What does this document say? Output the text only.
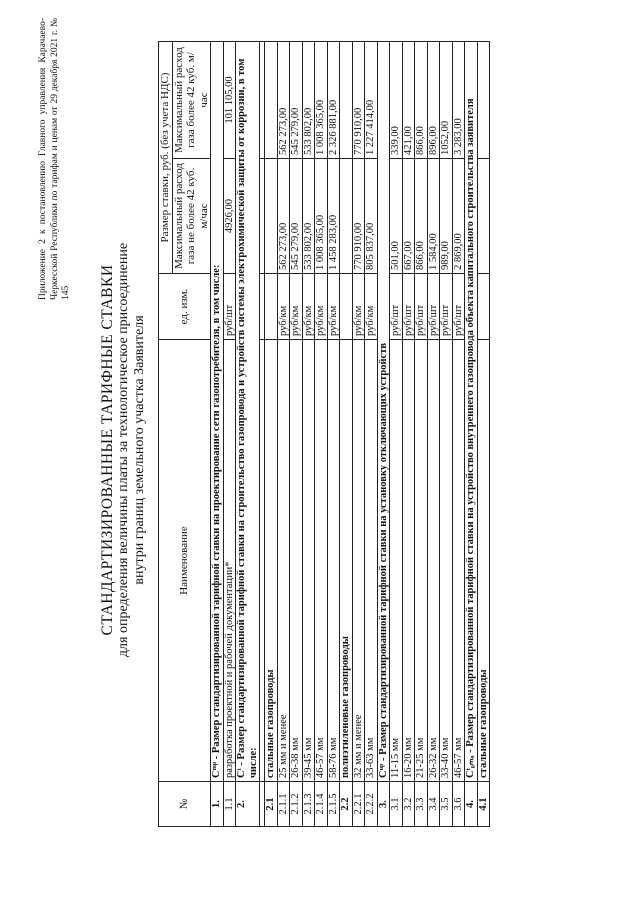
Приложение 2 к постановлению Главного управления Карачаево-Черкесской Республики по тарифам и ценам от 29 декабря 2021 г. № 145 СТАНДАРТИЗИРОВАННЫЕ ТАРИФНЫЕ СТАВКИ для определения величины платы за технологическое присоединение внутри границ земельного участка Заявителя
№	Наименование	ед. изм.	Размер ставки, руб. (без учета НДС)	
			Максимальный расход газа не более 42 куб. м/час	Максимальный расход газа более 42 куб. м/час
1.	Cᵐᵖ - Размер стандартизированной тарифной ставки на проектирование сети газопотребителя, в том числе:			
1.1	разработка проектной и рабочей документации*	руб/шт	4926,00	101 105,00
2.	Cᵗ - Размер стандартизированной тарифной ставки на строительство газопровода и устройств системы электрохимической защиты от коррозии, в том числе:			

2.1	стальные газопроводы			
2.1.1	25 мм и менее	руб/км	562 273,00	562 273,00
2.1.2	26-38 мм	руб/км	545 279,00	545 279,00
2.1.3	39-45 мм	руб/км	533 802,00	533 802,00
2.1.4	46-57 мм	руб/км	1 008 365,00	1 008 365,00
2.1.5	58-76 мм	руб/км	1 458 283,00	2 326 881,00
2.2	полиэтиленовые газопроводы			
2.2.1	32 мм и менее	руб/км	770 910,00	770 910,00
2.2.2	33-63 мм	руб/км	805 837,00	1 227 414,00
3.	Cᵘᵖ - Размер стандартизированной тарифной ставки на установку отключающих устройств			
3.1	11-15 мм	руб/шт	501,00	339,00
3.2	16-20 мм	руб/шт	667,00	421,00
3.3	21-25 мм	руб/шт	866,00	866,00
3.4	26-32 мм	руб/шт	1 584,00	896,00
3.5	33-40 мм	руб/шт	989,00	1052,00
3.6	46-57 мм	руб/шт	2 869,00	3 283,00
4.	Cᵗ₀ₘₒ - Размер стандартизированной тарифной ставки на устройство внутреннего газопровода объекта капитального строительства заявителя			
4.1	стальные газопроводы			
